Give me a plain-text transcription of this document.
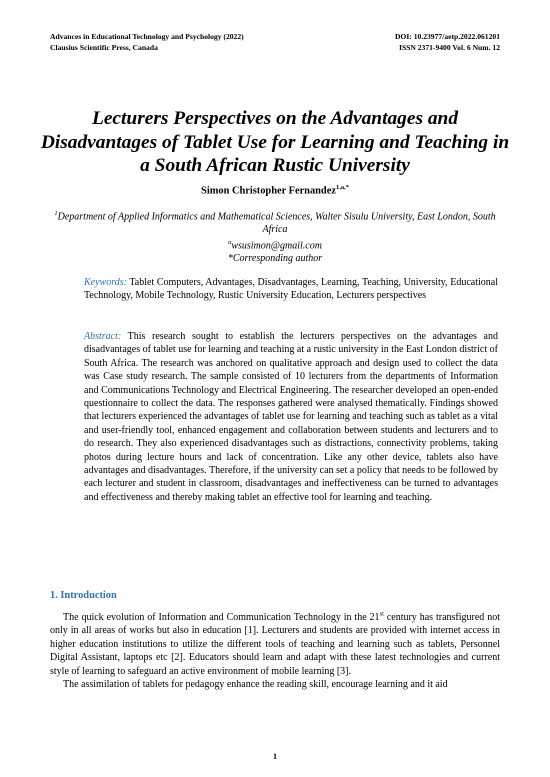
Advances in Educational Technology and Psychology (2022)	DOI: 10.23977/aetp.2022.061201
Clausius Scientific Press, Canada	ISSN 2371-9400 Vol. 6 Num. 12
Lecturers Perspectives on the Advantages and Disadvantages of Tablet Use for Learning and Teaching in a South African Rustic University
Simon Christopher Fernandez$^{1,a,*}$
$^1$Department of Applied Informatics and Mathematical Sciences, Walter Sisulu University, East London, South Africa
$^a$wsusimon@gmail.com
*Corresponding author
Keywords: Tablet Computers, Advantages, Disadvantages, Learning, Teaching, University, Educational Technology, Mobile Technology, Rustic University Education, Lecturers perspectives
Abstract: This research sought to establish the lecturers perspectives on the advantages and disadvantages of tablet use for learning and teaching at a rustic university in the East London district of South Africa. The research was anchored on qualitative approach and design used to collect the data was Case study research. The sample consisted of 10 lecturers from the departments of Information and Communications Technology and Electrical Engineering. The researcher developed an open-ended questionnaire to collect the data. The responses gathered were analysed thematically. Findings showed that lecturers experienced the advantages of tablet use for learning and teaching such as tablet as a vital and user-friendly tool, enhanced engagement and collaboration between students and lecturers and to do research. They also experienced disadvantages such as distractions, connectivity problems, taking photos during lecture hours and lack of concentration. Like any other device, tablets also have advantages and disadvantages. Therefore, if the university can set a policy that needs to be followed by each lecturer and student in classroom, disadvantages and ineffectiveness can be turned to advantages and effectiveness and thereby making tablet an effective tool for learning and teaching.
1. Introduction

The quick evolution of Information and Communication Technology in the 21st century has transfigured not only in all areas of works but also in education [1]. Lecturers and students are provided with internet access in higher education institutions to utilize the different tools of teaching and learning such as tablets, Personnel Digital Assistant, laptops etc [2]. Educators should learn and adapt with these latest technologies and current style of learning to safeguard an active environment of mobile learning [3].

The assimilation of tablets for pedagogy enhance the reading skill, encourage learning and it aid

1
